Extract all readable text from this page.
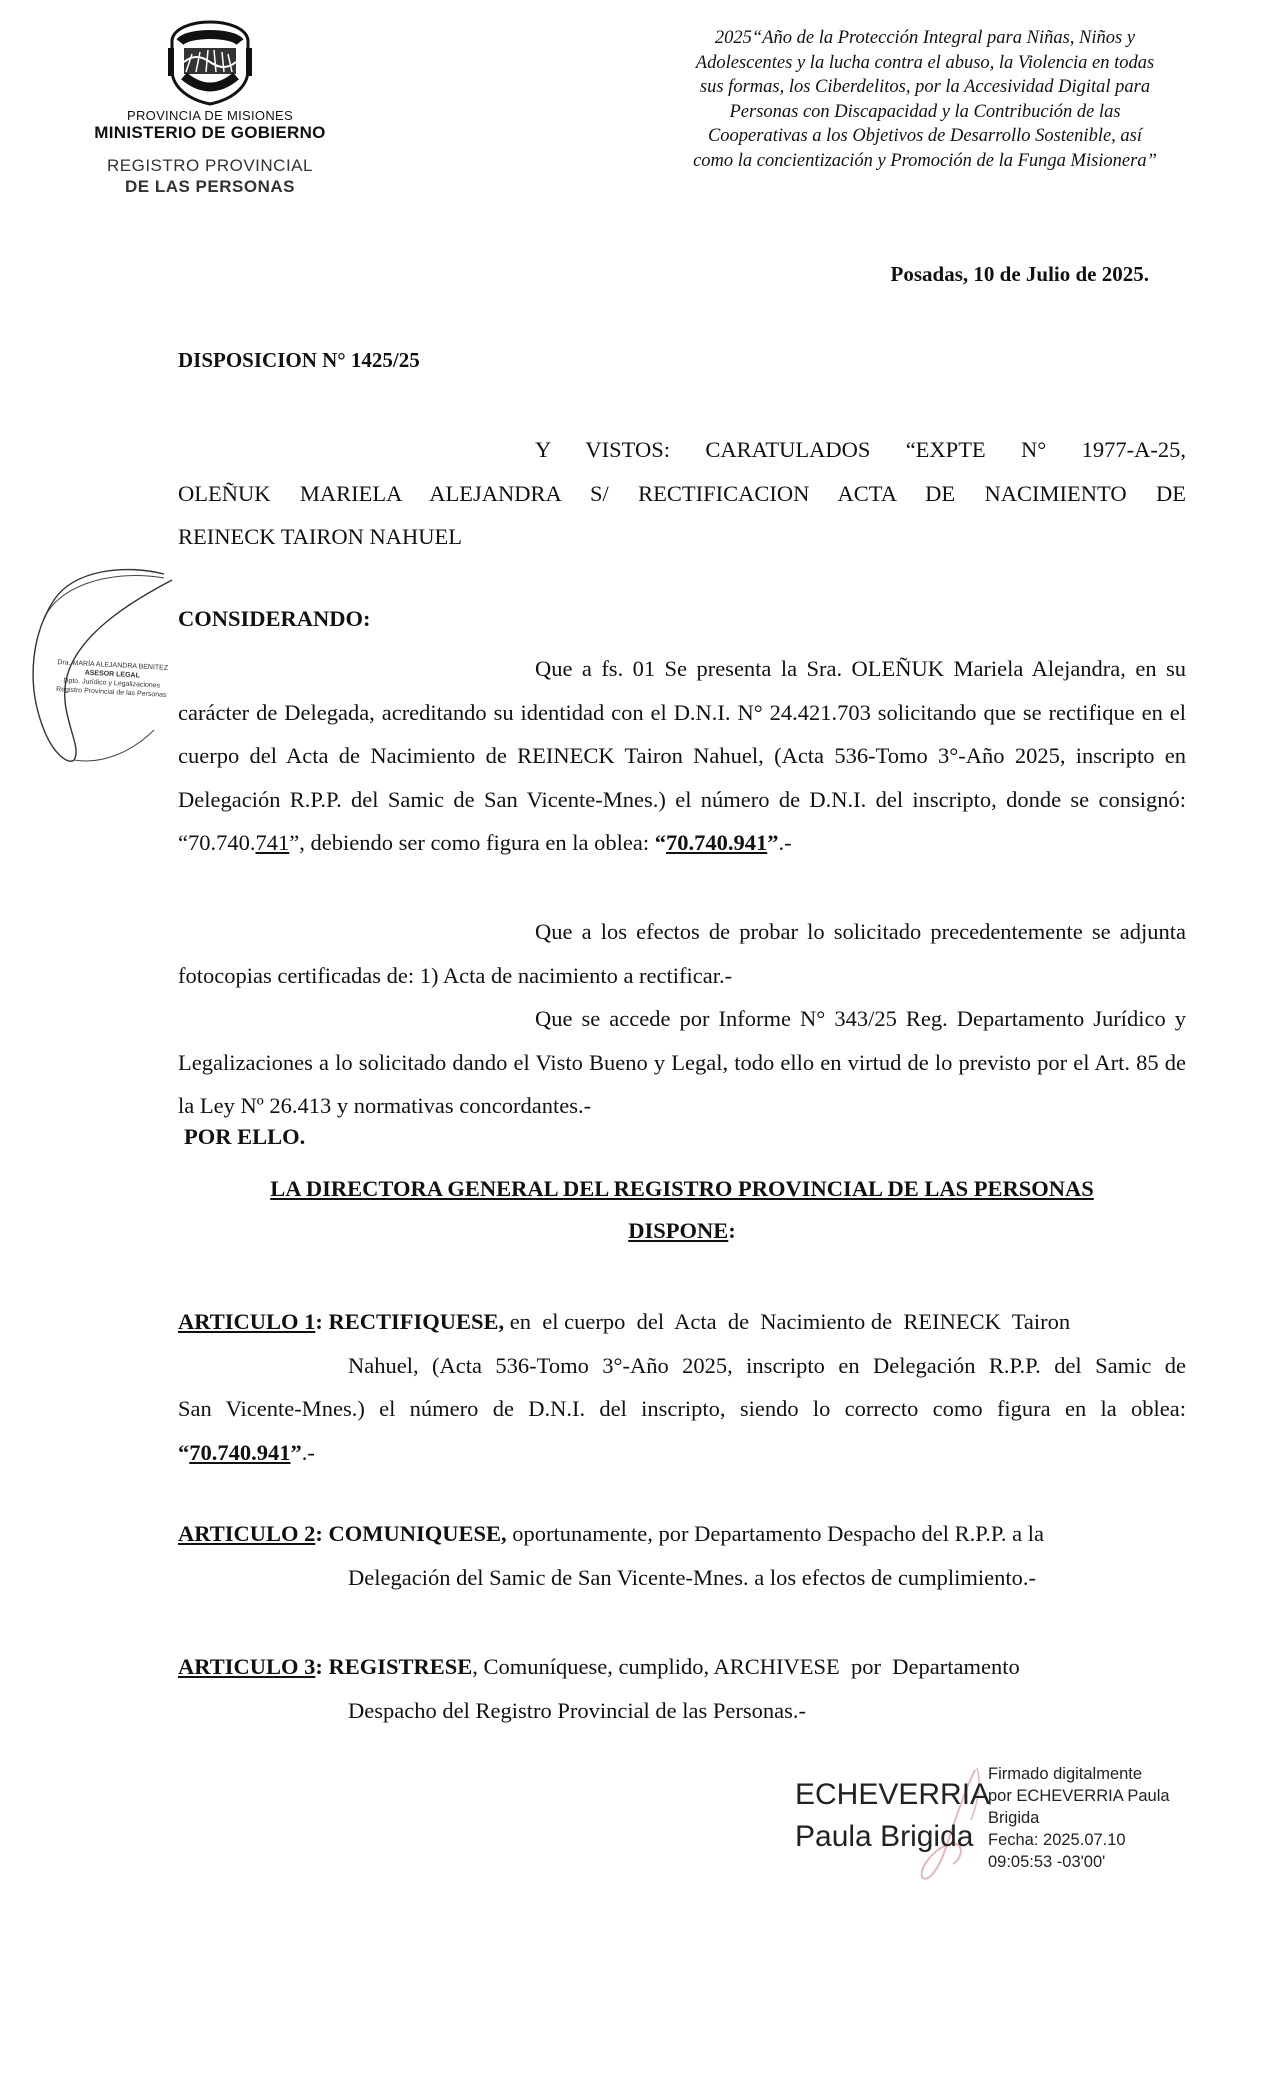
PROVINCIA DE MISIONES
MINISTERIO DE GOBIERNO
REGISTRO PROVINCIAL
DE LAS PERSONAS
2025“Año de la Protección Integral para Niñas, Niños y
Adolescentes y la lucha contra el abuso, la Violencia en todas
sus formas, los Ciberdelitos, por la Accesividad Digital para
Personas con Discapacidad y la Contribución de las
Cooperativas a los Objetivos de Desarrollo Sostenible, así
como la concientización y Promoción de la Funga Misionera”
Posadas, 10 de Julio de 2025.
DISPOSICION N° 1425/25
Y VISTOS: CARATULADOS “EXPTE N° 1977-A-25,
OLEÑUK MARIELA ALEJANDRA S/ RECTIFICACION ACTA DE NACIMIENTO DE
REINECK TAIRON NAHUEL
Dra. MARÍA ALEJANDRA BENITEZ
ASESOR LEGAL
Dpto. Jurídico y Legalizaciones
Registro Provincial de las Personas
CONSIDERANDO:
Que a fs. 01 Se presenta la Sra. OLEÑUK Mariela Alejandra, en su carácter de Delegada, acreditando su identidad con el D.N.I. N° 24.421.703 solicitando que se rectifique en el cuerpo del Acta de Nacimiento de REINECK Tairon Nahuel, (Acta 536-Tomo 3°-Año 2025, inscripto en Delegación R.P.P. del Samic de San Vicente-Mnes.) el número de D.N.I. del inscripto, donde se consignó: “70.740.741”, debiendo ser como figura en la oblea: “70.740.941”.-
Que a los efectos de probar lo solicitado precedentemente se adjunta fotocopias certificadas de: 1) Acta de nacimiento a rectificar.-
Que se accede por Informe N° 343/25 Reg. Departamento Jurídico y Legalizaciones a lo solicitado dando el Visto Bueno y Legal, todo ello en virtud de lo previsto por el Art. 85 de la Ley Nº 26.413 y normativas concordantes.-
POR ELLO.
LA DIRECTORA GENERAL DEL REGISTRO PROVINCIAL DE LAS PERSONAS
DISPONE:
ARTICULO 1: RECTIFIQUESE, en  el cuerpo  del  Acta  de  Nacimiento de  REINECK  Tairon
Nahuel, (Acta 536-Tomo 3°-Año 2025, inscripto en Delegación R.P.P. del Samic de
San Vicente-Mnes.) el número de D.N.I. del inscripto, siendo lo correcto como figura en la oblea:
“70.740.941”.-
ARTICULO 2: COMUNIQUESE, oportunamente, por Departamento Despacho del R.P.P. a la
Delegación del Samic de San Vicente-Mnes. a los efectos de cumplimiento.-
ARTICULO 3: REGISTRESE, Comuníquese, cumplido, ARCHIVESE  por  Departamento
Despacho del Registro Provincial de las Personas.-
ECHEVERRIA
Paula Brigida
Firmado digitalmente
por ECHEVERRIA Paula
Brigida
Fecha: 2025.07.10
09:05:53 -03'00'
